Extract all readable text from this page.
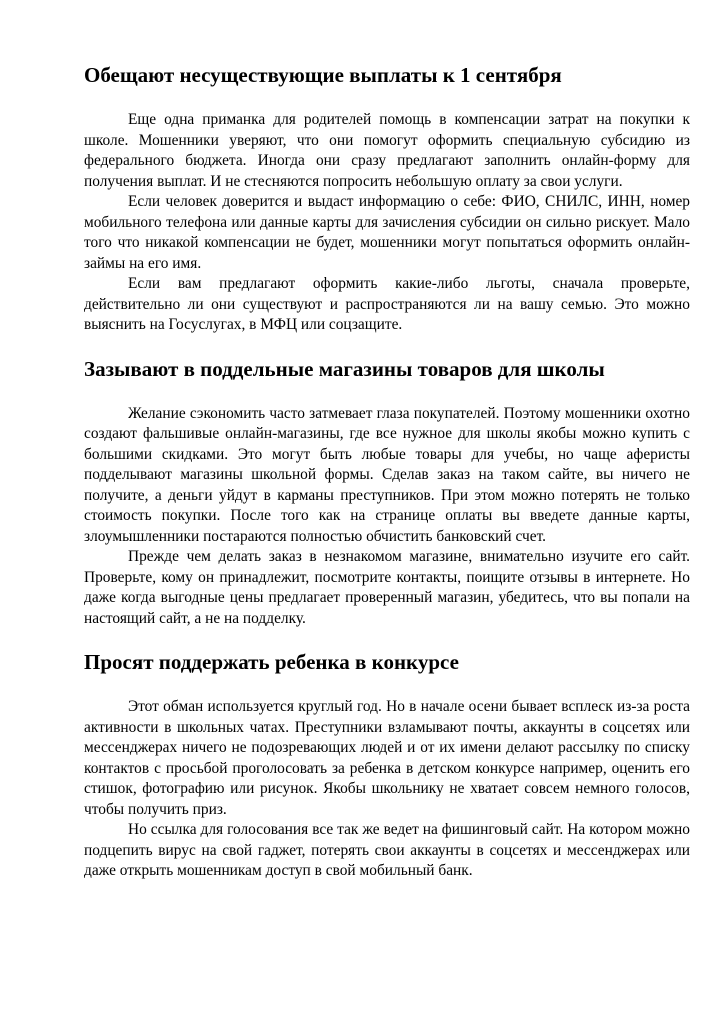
Обещают несуществующие выплаты к 1 сентября

Еще одна приманка для родителей помощь в компенсации затрат на покупки к школе. Мошенники уверяют, что они помогут оформить специальную субсидию из федерального бюджета. Иногда они сразу предлагают заполнить онлайн-форму для получения выплат. И не стесняются попросить небольшую оплату за свои услуги.

Если человек доверится и выдаст информацию о себе: ФИО, СНИЛС, ИНН, номер мобильного телефона или данные карты для зачисления субсидии он сильно рискует. Мало того что никакой компенсации не будет, мошенники могут попытаться оформить онлайн-займы на его имя.

Если вам предлагают оформить какие-либо льготы, сначала проверьте, действительно ли они существуют и распространяются ли на вашу семью. Это можно выяснить на Госуслугах, в МФЦ или соцзащите.

Зазывают в поддельные магазины товаров для школы

Желание сэкономить часто затмевает глаза покупателей. Поэтому мошенники охотно создают фальшивые онлайн-магазины, где все нужное для школы якобы можно купить с большими скидками. Это могут быть любые товары для учебы, но чаще аферисты подделывают магазины школьной формы. Сделав заказ на таком сайте, вы ничего не получите, а деньги уйдут в карманы преступников. При этом можно потерять не только стоимость покупки. После того как на странице оплаты вы введете данные карты, злоумышленники постараются полностью обчистить банковский счет.

Прежде чем делать заказ в незнакомом магазине, внимательно изучите его сайт. Проверьте, кому он принадлежит, посмотрите контакты, поищите отзывы в интернете. Но даже когда выгодные цены предлагает проверенный магазин, убедитесь, что вы попали на настоящий сайт, а не на подделку.

Просят поддержать ребенка в конкурсе

Этот обман используется круглый год. Но в начале осени бывает всплеск из-за роста активности в школьных чатах. Преступники взламывают почты, аккаунты в соцсетях или мессенджерах ничего не подозревающих людей и от их имени делают рассылку по списку контактов с просьбой проголосовать за ребенка в детском конкурсе например, оценить его стишок, фотографию или рисунок. Якобы школьнику не хватает совсем немного голосов, чтобы получить приз.

Но ссылка для голосования все так же ведет на фишинговый сайт. На котором можно подцепить вирус на свой гаджет, потерять свои аккаунты в соцсетях и мессенджерах или даже открыть мошенникам доступ в свой мобильный банк.
